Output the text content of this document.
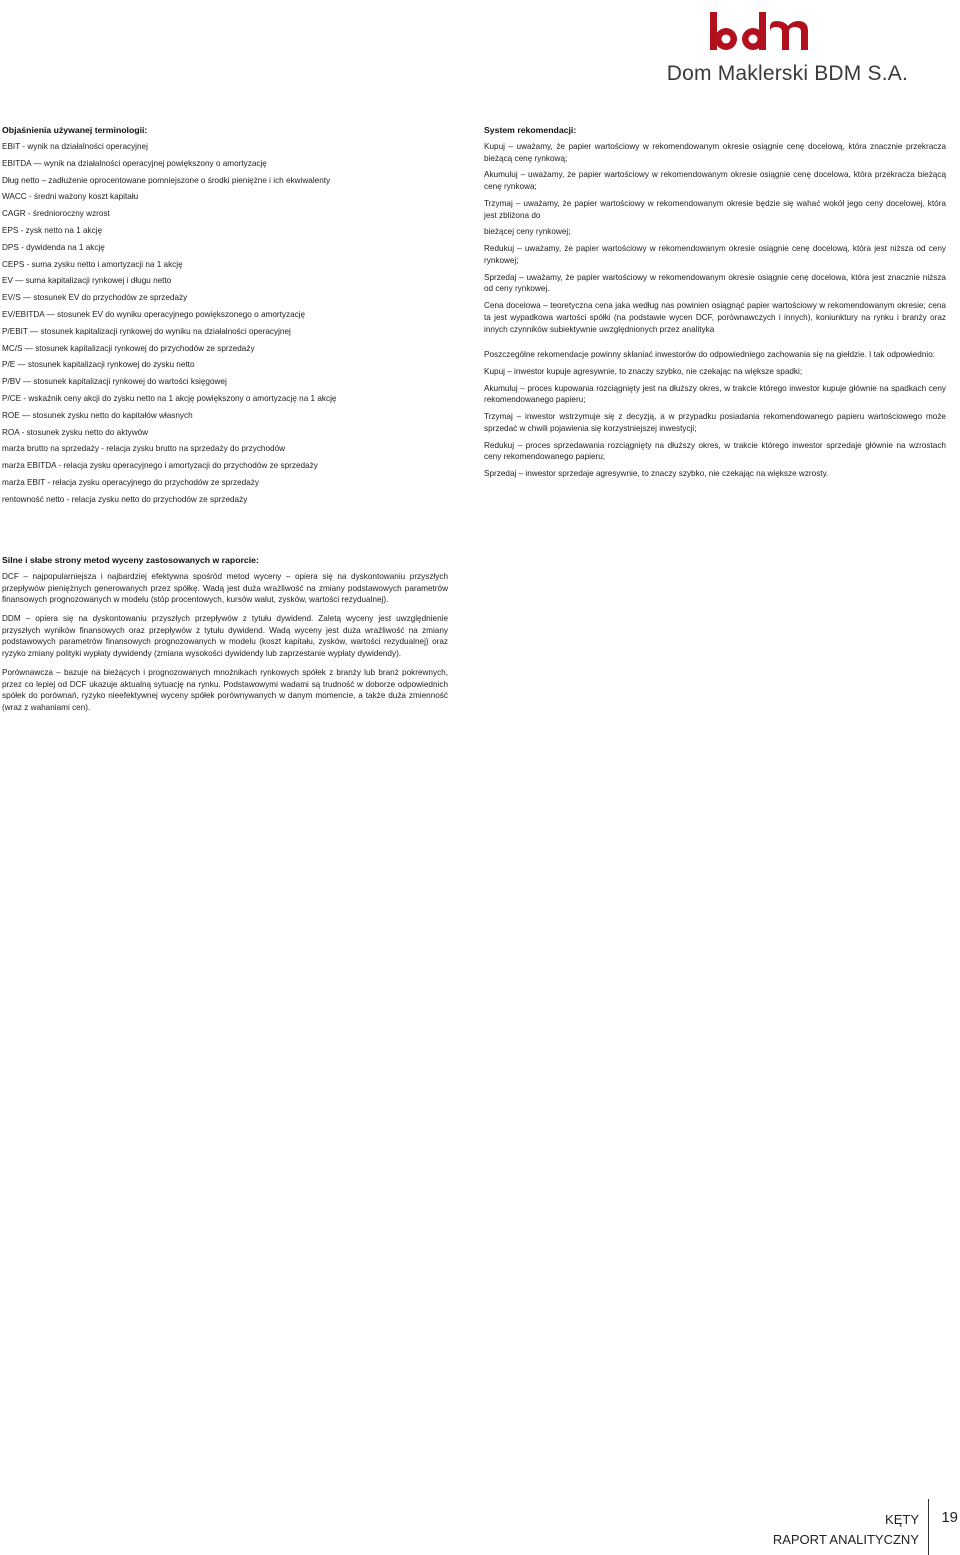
Dom Maklerski BDM S.A.
Objaśnienia używanej terminologii:
EBIT - wynik na działalności operacyjnej
EBITDA — wynik na działalności operacyjnej powiększony o amortyzację
Dług netto – zadłużenie oprocentowane pomniejszone o środki pieniężne i ich ekwiwalenty
WACC - średni ważony koszt kapitału
CAGR - średnioroczny wzrost
EPS - zysk netto na 1 akcję
DPS - dywidenda na 1 akcję
CEPS - suma zysku netto i amortyzacji na 1 akcję
EV — suma kapitalizacji rynkowej i długu netto
EV/S — stosunek EV do przychodów ze sprzedaży
EV/EBITDA — stosunek EV do wyniku operacyjnego powiększonego o amortyzację
P/EBIT — stosunek kapitalizacji rynkowej do wyniku na działalności operacyjnej
MC/S — stosunek kapitalizacji rynkowej do przychodów ze sprzedaży
P/E — stosunek kapitalizacji rynkowej do zysku netto
P/BV — stosunek kapitalizacji rynkowej do wartości księgowej
P/CE - wskaźnik ceny akcji do zysku netto na 1 akcję powiększony o amortyzację na 1 akcję
ROE — stosunek zysku netto do kapitałów własnych
ROA - stosunek zysku netto do aktywów
marża brutto na sprzedaży - relacja zysku brutto na sprzedaży do przychodów
marża EBITDA - relacja zysku operacyjnego i amortyzacji do przychodów ze sprzedaży
marża EBIT - relacja zysku operacyjnego do przychodów ze sprzedaży
rentowność netto - relacja zysku netto do przychodów ze sprzedaży
System rekomendacji:

Kupuj – uważamy, że papier wartościowy w rekomendowanym okresie osiągnie cenę docelową, która znacznie przekracza bieżącą cenę rynkową;

Akumuluj – uważamy, że papier wartościowy w rekomendowanym okresie osiągnie cenę docelowa, która przekracza bieżącą cenę rynkowa;

Trzymaj – uważamy, że papier wartościowy w rekomendowanym okresie będzie się wahać wokół jego ceny docelowej, która jest zbliżona do

bieżącej ceny rynkowej;

Redukuj – uważamy, że papier wartościowy w rekomendowanym okresie osiągnie cenę docelową, która jest niższa od ceny rynkowej;

Sprzedaj – uważamy, że papier wartościowy w rekomendowanym okresie osiągnie cenę docelowa, która jest znacznie niższa od ceny rynkowej.

Cena docelowa – teoretyczna cena jaka według nas powinien osiągnąć papier wartościowy w rekomendowanym okresie; cena ta jest wypadkowa wartości spółki (na podstawie wycen DCF, porównawczych i innych), koniunktury na rynku i branży oraz innych czynników subiektywnie uwzględnionych przez analityka

Poszczególne rekomendacje powinny skłaniać inwestorów do odpowiedniego zachowania się na giełdzie. I tak odpowiednio:

Kupuj – inwestor kupuje agresywnie, to znaczy szybko, nie czekając na większe spadki;

Akumuluj – proces kupowania rozciągnięty jest na dłuższy okres, w trakcie którego inwestor kupuje głównie na spadkach ceny rekomendowanego papieru;

Trzymaj – inwestor wstrzymuje się z decyzją, a w przypadku posiadania rekomendowanego papieru wartościowego może sprzedać w chwili pojawienia się korzystniejszej inwestycji;

Redukuj – proces sprzedawania rozciągnięty na dłuższy okres, w trakcie którego inwestor sprzedaje głównie na wzrostach ceny rekomendowanego papieru;

Sprzedaj – inwestor sprzedaje agresywnie, to znaczy szybko, nie czekając na większe wzrosty.

Silne i słabe strony metod wyceny zastosowanych w raporcie:

DCF – najpopularniejsza i najbardziej efektywna spośród metod wyceny – opiera się na dyskontowaniu przyszłych przepływów pieniężnych generowanych przez spółkę. Wadą jest duża wrażliwość na zmiany podstawowych parametrów finansowych prognozowanych w modelu (stóp procentowych, kursów walut, zysków, wartości rezydualnej).

DDM – opiera się na dyskontowaniu przyszłych przepływów z tytułu dywidend. Zaletą wyceny jest uwzględnienie przyszłych wyników finansowych oraz przepływów z tytułu dywidend. Wadą wyceny jest duża wrażliwość na zmiany podstawowych parametrów finansowych prognozowanych w modelu (koszt kapitału, zysków, wartości rezydualnej) oraz ryzyko zmiany polityki wypłaty dywidendy (zmiana wysokości dywidendy lub zaprzestanie wypłaty dywidendy).

Porównawcza – bazuje na bieżących i prognozowanych mnożnikach rynkowych spółek z branży lub branż pokrewnych, przez co lepiej od DCF ukazuje aktualną sytuację na rynku. Podstawowymi wadami są trudność w doborze odpowiednich spółek do porównań, ryzyko nieefektywnej wyceny spółek porównywanych w danym momencie, a także duża zmienność (wraz z wahaniami cen).

KĘTY
RAPORT ANALITYCZNY
19
